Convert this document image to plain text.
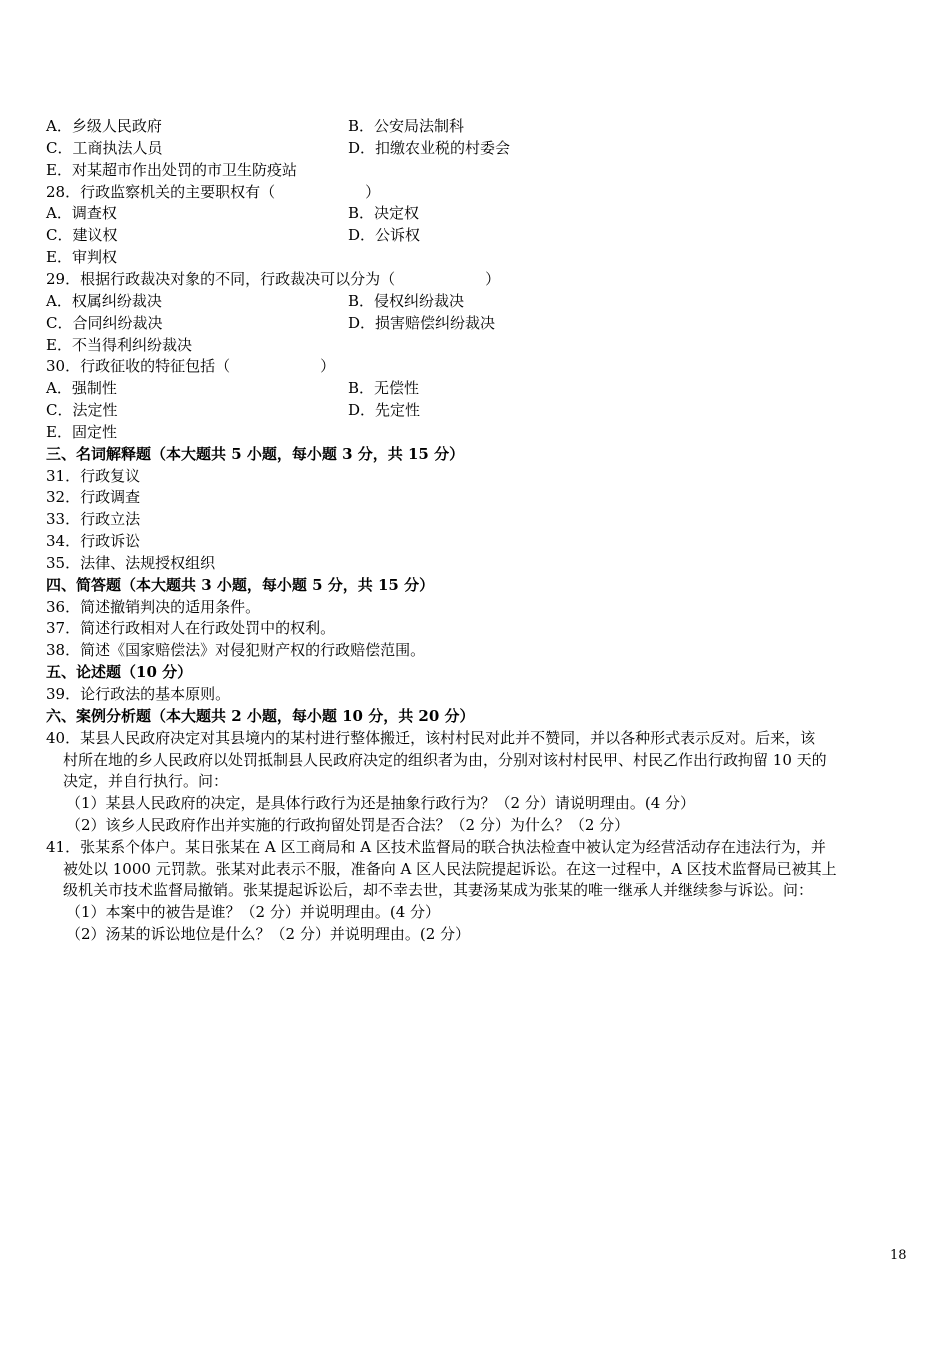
A．乡级人民政府	B．公安局法制科
C．工商执法人员	D．扣缴农业税的村委会
E．对某超市作出处罚的市卫生防疫站
28．行政监察机关的主要职权有（　　　　　　）
A．调查权	B．决定权
C．建议权	D．公诉权
E．审判权
29．根据行政裁决对象的不同，行政裁决可以分为（　　　　　　）
A．权属纠纷裁决	B．侵权纠纷裁决
C．合同纠纷裁决	D．损害赔偿纠纷裁决
E．不当得利纠纷裁决
30．行政征收的特征包括（　　　　　　）
A．强制性	B．无偿性
C．法定性	D．先定性
E．固定性
三、名词解释题（本大题共 5 小题，每小题 3 分，共 15 分）
31．行政复议
32．行政调查
33．行政立法
34．行政诉讼
35．法律、法规授权组织
四、简答题（本大题共 3 小题，每小题 5 分，共 15 分）
36．简述撤销判决的适用条件。
37．简述行政相对人在行政处罚中的权利。
38．简述《国家赔偿法》对侵犯财产权的行政赔偿范围。
五、论述题（10 分）
39．论行政法的基本原则。
六、案例分析题（本大题共 2 小题，每小题 10 分，共 20 分）
40．某县人民政府决定对其县境内的某村进行整体搬迁，该村村民对此并不赞同，并以各种形式表示反对。后来，该
村所在地的乡人民政府以处罚抵制县人民政府决定的组织者为由，分别对该村村民甲、村民乙作出行政拘留 10 天的
决定，并自行执行。问：
（1）某县人民政府的决定，是具体行政行为还是抽象行政行为？（2 分）请说明理由。(4 分）
（2）该乡人民政府作出并实施的行政拘留处罚是否合法？（2 分）为什么？（2 分）
41．张某系个体户。某日张某在 A 区工商局和 A 区技术监督局的联合执法检查中被认定为经营活动存在违法行为，并
被处以 1000 元罚款。张某对此表示不服，准备向 A 区人民法院提起诉讼。在这一过程中，A 区技术监督局已被其上
级机关市技术监督局撤销。张某提起诉讼后，却不幸去世，其妻汤某成为张某的唯一继承人并继续参与诉讼。问：
（1）本案中的被告是谁？（2 分）并说明理由。(4 分）
（2）汤某的诉讼地位是什么？（2 分）并说明理由。(2 分）
18
